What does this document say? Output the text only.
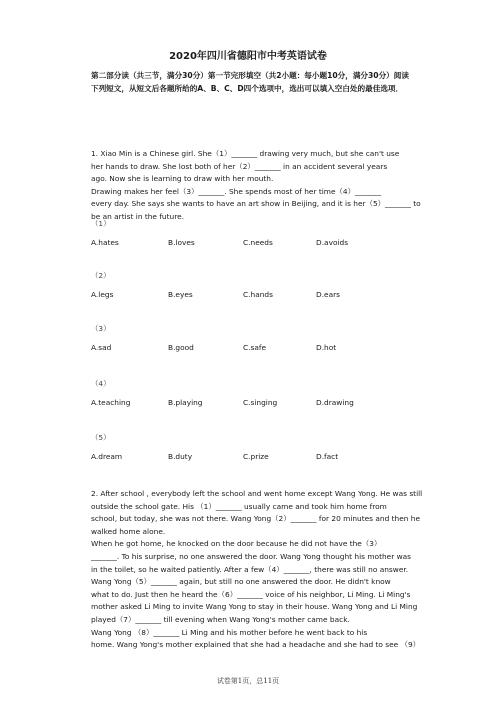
2020年四川省德阳市中考英语试卷
第二部分读（共三节，满分30分）第一节完形填空（共2小题：每小题10分，满分30分）阅读下列短文，从短文后各题所给的A、B、C、D四个选项中，选出可以填入空白处的最佳选项．
1. Xiao Min is a Chinese girl. She（1）_______ drawing very much, but she can't use
her hands to draw. She lost both of her（2）_______ in an accident several years
ago. Now she is learning to draw with her mouth.
Drawing makes her feel（3）_______. She spends most of her time（4）_______
every day. She says she wants to have an art show in Beijing, and it is her（5）_______ to
be an artist in the future.
（1）
A.hates	B.loves	C.needs	D.avoids
（2）
A.legs	B.eyes	C.hands	D.ears
（3）
A.sad	B.good	C.safe	D.hot
（4）
A.teaching	B.playing	C.singing	D.drawing
（5）
A.dream	B.duty	C.prize	D.fact
2. After school , everybody left the school and went home except Wang Yong. He was still
outside the school gate. His （1）_______ usually came and took him home from
school, but today, she was not there. Wang Yong（2）_______ for 20 minutes and then he
walked home alone.
When he got home, he knocked on the door because he did not have the（3）
_______. To his surprise, no one answered the door. Wang Yong thought his mother was
in the toilet, so he waited patiently. After a few（4）_______, there was still no answer.
Wang Yong（5）_______ again, but still no one answered the door. He didn't know
what to do. Just then he heard the（6）_______ voice of his neighbor, Li Ming. Li Ming's
mother asked Li Ming to invite Wang Yong to stay in their house. Wang Yong and Li Ming
played（7）_______ till evening when Wang Yong's mother came back.
Wang Yong （8）_______ Li Ming and his mother before he went back to his
home. Wang Yong's mother explained that she had a headache and she had to see （9）
试卷第1页，总11页
